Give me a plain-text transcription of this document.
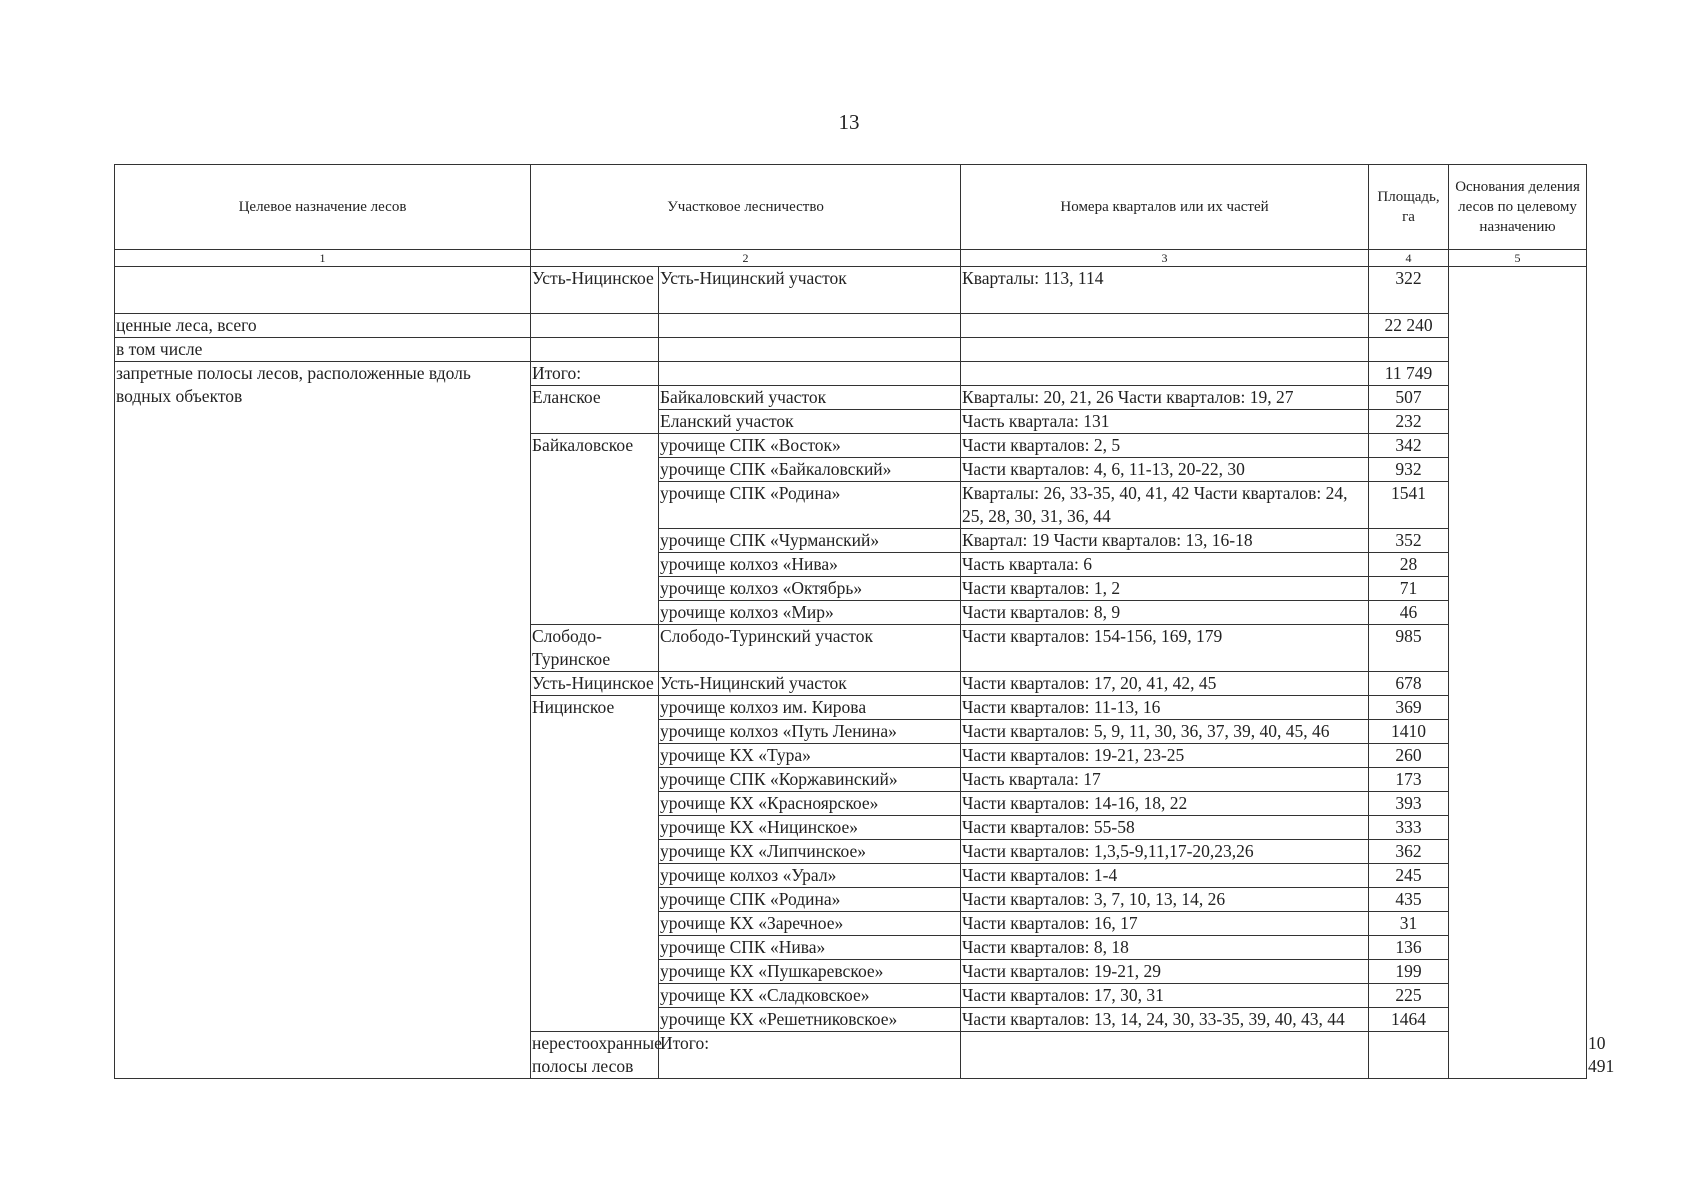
13
Целевое назначение лесов	Участковое лесничество		Номера кварталов или их частей	Площадь, га	Основания деления лесов по целевому назначению	
1	2		3	4	5	
	Усть-Ницинское	Усть-Ницинский участок	Кварталы: 113, 114	322		
ценные леса, всего				22 240		
в том числе						
запретные полосы лесов, расположенные вдоль водных объектов	Итого:			11 749		
	Еланское	Байкаловский участок	Кварталы: 20, 21, 26 Части кварталов: 19, 27	507		
		Еланский участок	Часть квартала: 131	232		
	Байкаловское	урочище СПК «Восток»	Части кварталов: 2, 5	342		
		урочище СПК «Байкаловский»	Части кварталов: 4, 6, 11-13, 20-22, 30	932		
		урочище СПК «Родина»	Кварталы: 26, 33-35, 40, 41, 42 Части кварталов: 24, 25, 28, 30, 31, 36, 44	1541		
		урочище СПК «Чурманский»	Квартал: 19 Части кварталов: 13, 16-18	352		
		урочище колхоз «Нива»	Часть квартала: 6	28		
		урочище колхоз «Октябрь»	Части кварталов: 1, 2	71		
		урочище колхоз «Мир»	Части кварталов: 8, 9	46		
	Слободо-Туринское	Слободо-Туринский участок	Части кварталов: 154-156, 169, 179	985		
	Усть-Ницинское	Усть-Ницинский участок	Части кварталов: 17, 20, 41, 42, 45	678		
	Ницинское	урочище колхоз им. Кирова	Части кварталов: 11-13, 16	369		
		урочище колхоз «Путь Ленина»	Части кварталов: 5, 9, 11, 30, 36, 37, 39, 40, 45, 46	1410		
		урочище КХ «Тура»	Части кварталов: 19-21, 23-25	260		
		урочище СПК «Коржавинский»	Часть квартала: 17	173		
		урочище КХ «Красноярское»	Части кварталов: 14-16, 18, 22	393		
		урочище КХ «Ницинское»	Части кварталов: 55-58	333		
		урочище КХ «Липчинское»	Части кварталов: 1,3,5-9,11,17-20,23,26	362		
		урочище колхоз «Урал»	Части кварталов: 1-4	245		
		урочище СПК «Родина»	Части кварталов: 3, 7, 10, 13, 14, 26	435		
		урочище КХ «Заречное»	Части кварталов: 16, 17	31		
		урочище СПК «Нива»	Части кварталов: 8, 18	136		
		урочище КХ «Пушкаревское»	Части кварталов: 19-21, 29	199		
		урочище КХ «Сладковское»	Части кварталов: 17, 30, 31	225		
		урочище КХ «Решетниковское»	Части кварталов: 13, 14, 24, 30, 33-35, 39, 40, 43, 44	1464		
	нерестоохранные полосы лесов	Итого:				10 491
